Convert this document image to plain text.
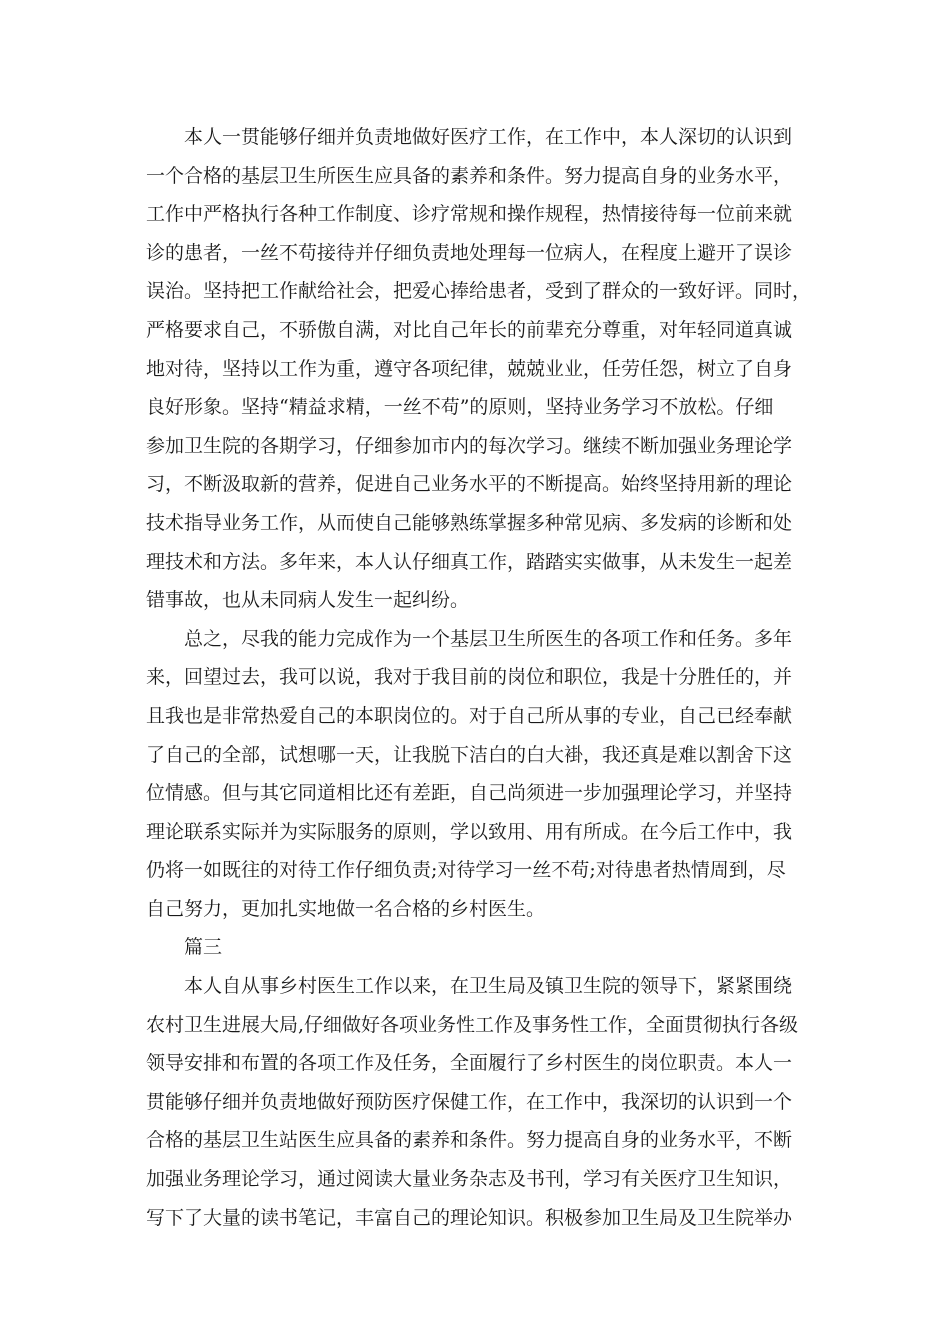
本人一贯能够仔细并负责地做好医疗工作，在工作中，本人深切的认识到
一个合格的基层卫生所医生应具备的素养和条件。努力提高自身的业务水平，
工作中严格执行各种工作制度、诊疗常规和操作规程，热情接待每一位前来就
诊的患者，一丝不苟接待并仔细负责地处理每一位病人，在程度上避开了误诊
误治。坚持把工作献给社会，把爱心捧给患者，受到了群众的一致好评。同时，
严格要求自己，不骄傲自满，对比自己年长的前辈充分尊重，对年轻同道真诚
地对待，坚持以工作为重，遵守各项纪律，兢兢业业，任劳任怨，树立了自身
良好形象。坚持“精益求精，一丝不苟”的原则，坚持业务学习不放松。仔细
参加卫生院的各期学习，仔细参加市内的每次学习。继续不断加强业务理论学
习，不断汲取新的营养，促进自己业务水平的不断提高。始终坚持用新的理论
技术指导业务工作，从而使自己能够熟练掌握多种常见病、多发病的诊断和处
理技术和方法。多年来，本人认仔细真工作，踏踏实实做事，从未发生一起差
错事故，也从未同病人发生一起纠纷。
总之，尽我的能力完成作为一个基层卫生所医生的各项工作和任务。多年
来，回望过去，我可以说，我对于我目前的岗位和职位，我是十分胜任的，并
且我也是非常热爱自己的本职岗位的。对于自己所从事的专业，自己已经奉献
了自己的全部，试想哪一天，让我脱下洁白的白大褂，我还真是难以割舍下这
位情感。但与其它同道相比还有差距，自己尚须进一步加强理论学习，并坚持
理论联系实际并为实际服务的原则，学以致用、用有所成。在今后工作中，我
仍将一如既往的对待工作仔细负责;对待学习一丝不苟;对待患者热情周到，尽
自己努力，更加扎实地做一名合格的乡村医生。
篇三
本人自从事乡村医生工作以来，在卫生局及镇卫生院的领导下，紧紧围绕
农村卫生进展大局,仔细做好各项业务性工作及事务性工作，全面贯彻执行各级
领导安排和布置的各项工作及任务，全面履行了乡村医生的岗位职责。本人一
贯能够仔细并负责地做好预防医疗保健工作，在工作中，我深切的认识到一个
合格的基层卫生站医生应具备的素养和条件。努力提高自身的业务水平，不断
加强业务理论学习，通过阅读大量业务杂志及书刊，学习有关医疗卫生知识，
写下了大量的读书笔记，丰富自己的理论知识。积极参加卫生局及卫生院举办
